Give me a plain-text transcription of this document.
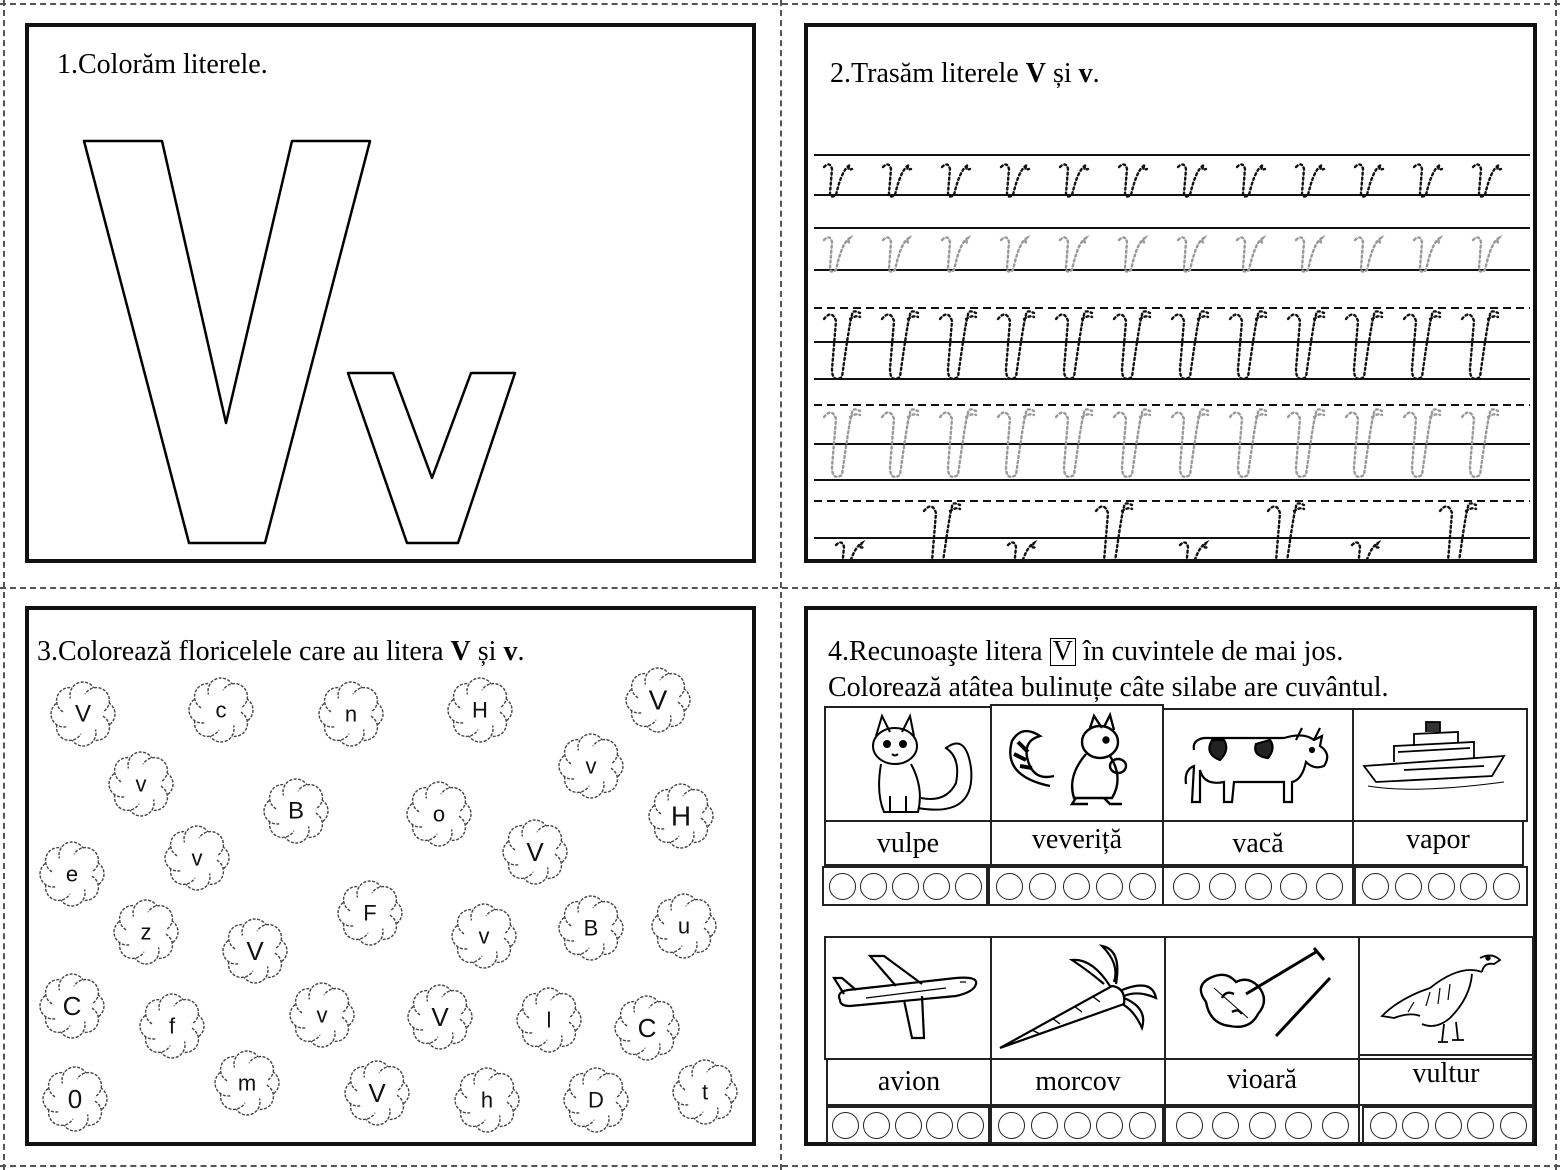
1.Colorăm literele.	2.Trasăm literele V și v.
3.Colorează floricelele care au litera V și v.
V	c	n	H	V
v
v
B	o	H
V
e
v
F
z
V	v	B	u
C
f	v	V	l	C
0
m	V	h	D	t
4.Recunoaşte litera V în cuvintele de mai jos.
Colorează atâtea bulinuțe câte silabe are cuvântul.
vulpe	veveriță	vacă	vapor
avion	morcov	vioară	vultur
